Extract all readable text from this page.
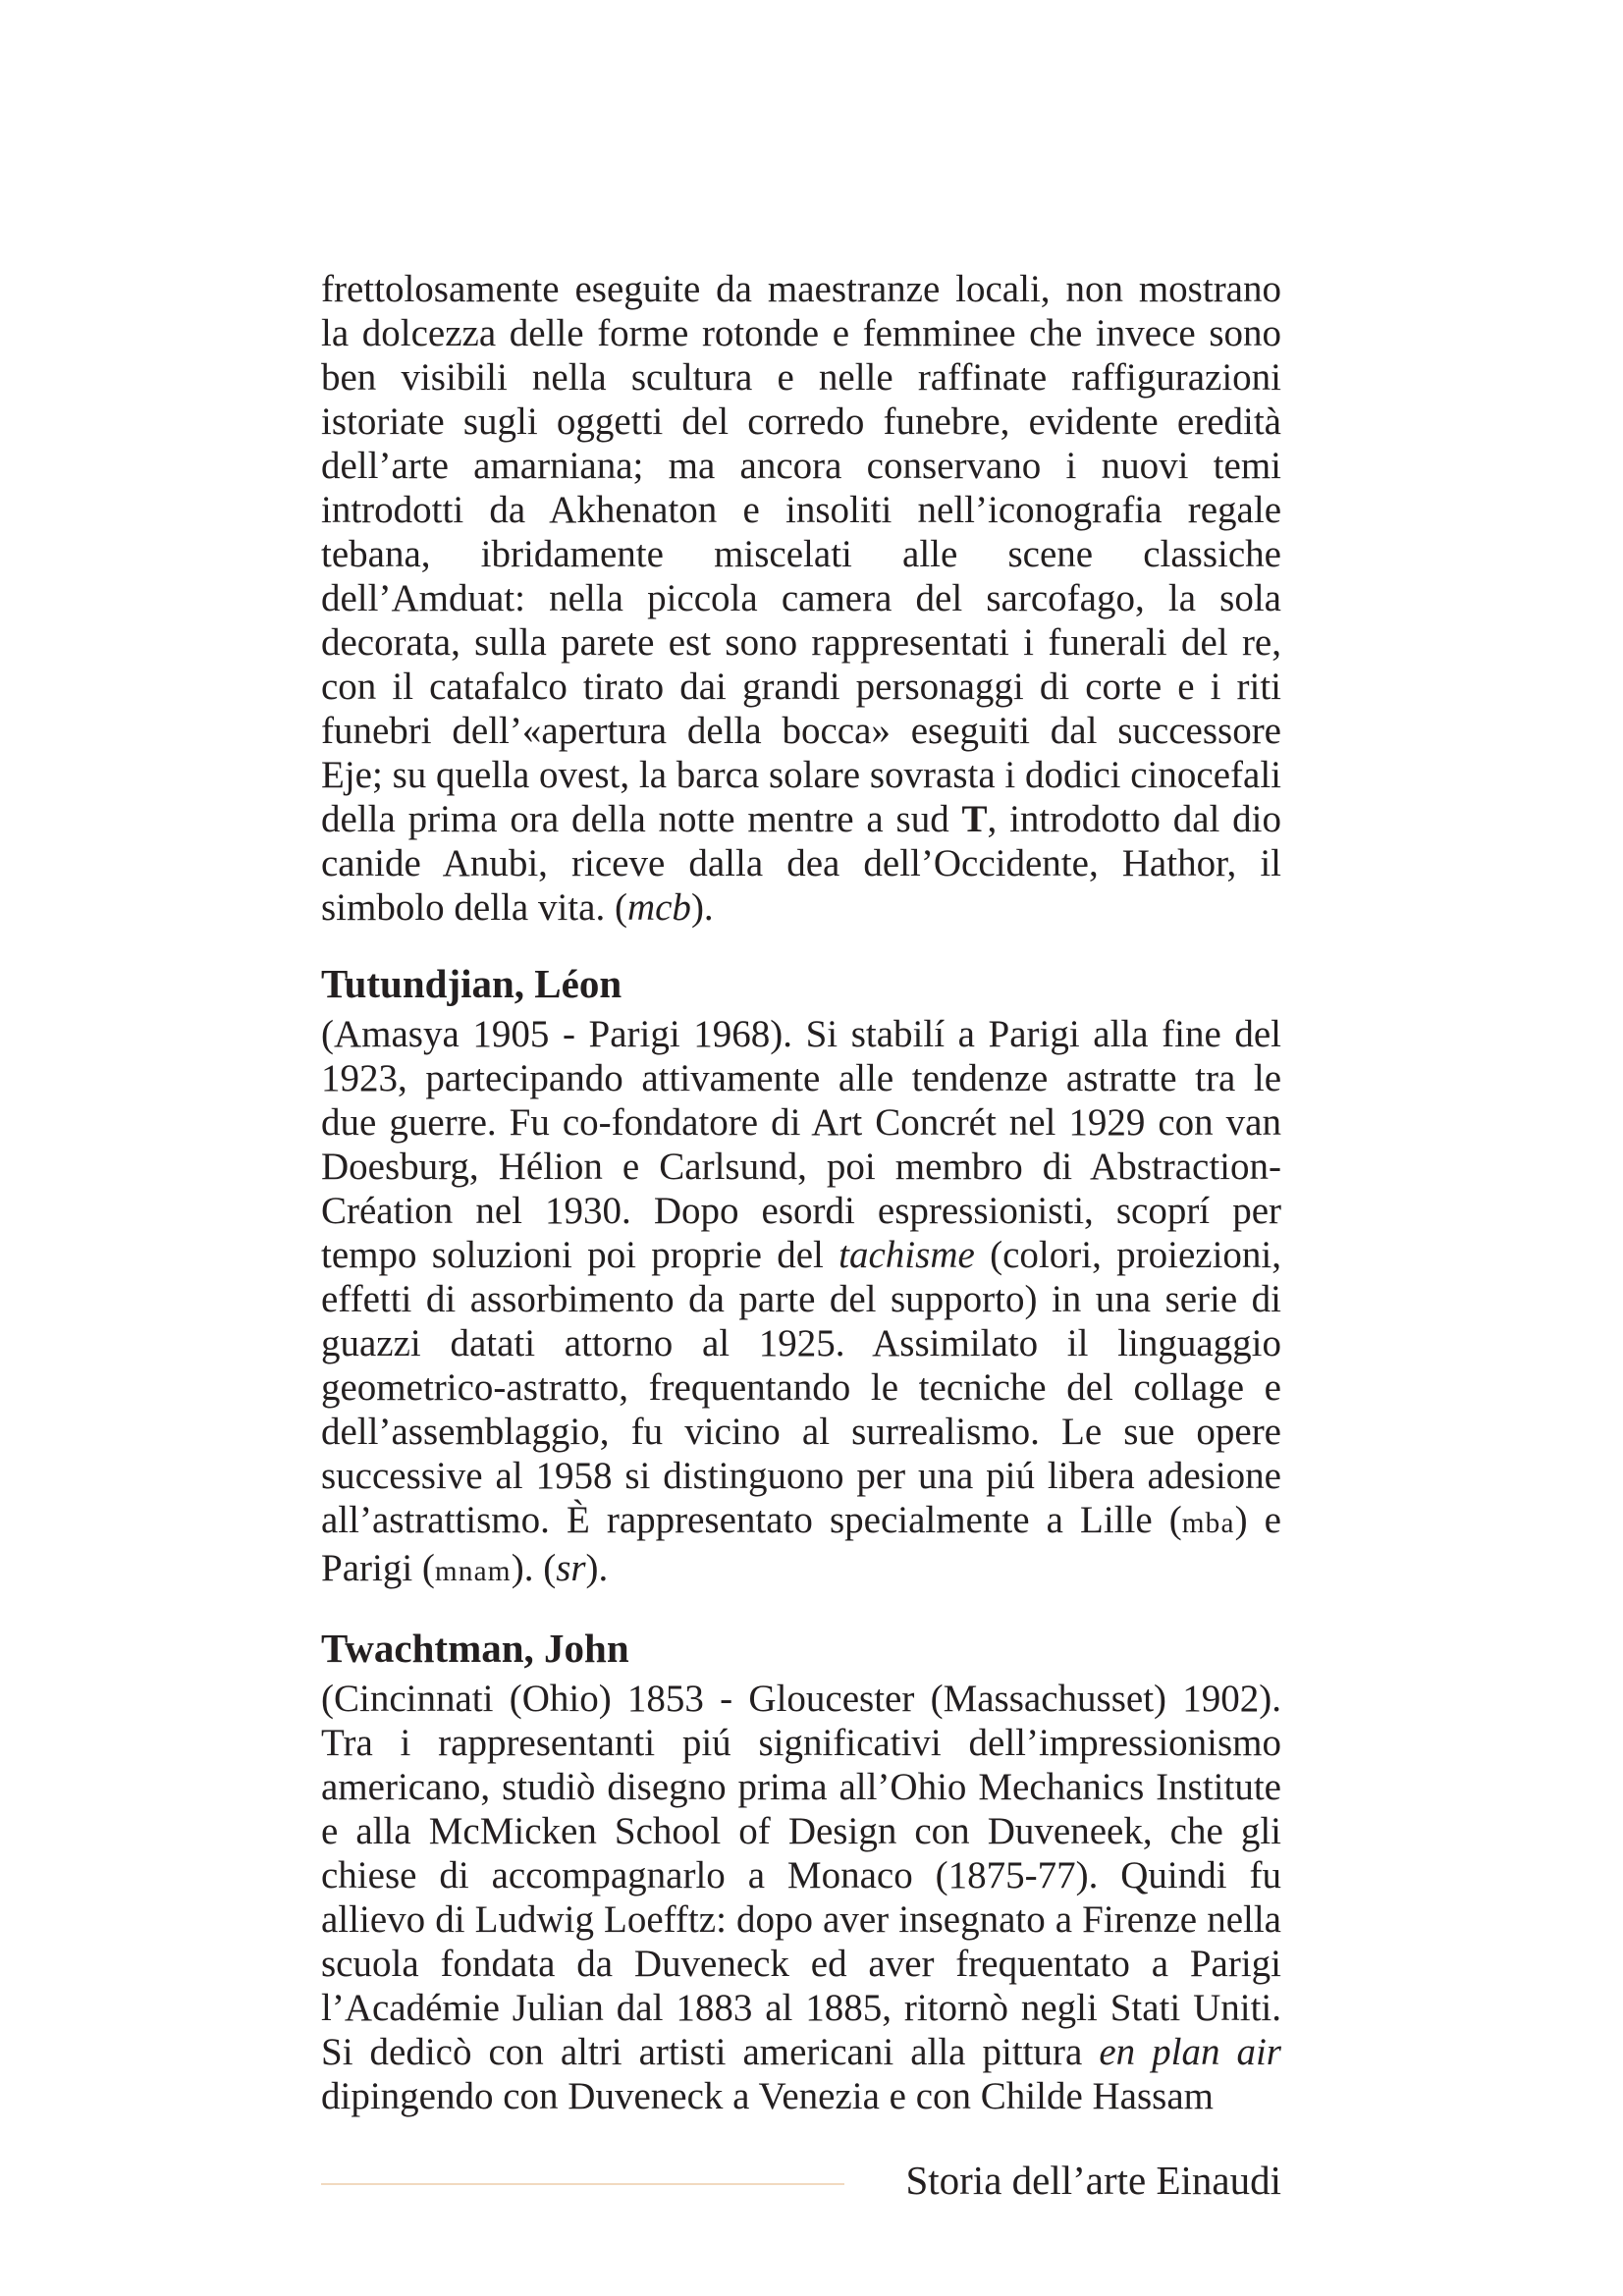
frettolosamente eseguite da maestranze locali, non mostrano la dolcezza delle forme rotonde e femminee che invece sono ben visibili nella scultura e nelle raffinate raffigurazioni istoriate sugli oggetti del corredo funebre, evidente eredità dell’arte amarniana; ma ancora conservano i nuovi temi introdotti da Akhenaton e insoliti nell’iconografia regale tebana, ibridamente miscelati alle scene classiche dell’Amduat: nella piccola camera del sarcofago, la sola decorata, sulla parete est sono rappresentati i funerali del re, con il catafalco tirato dai grandi personaggi di corte e i riti funebri dell’«apertura della bocca» eseguiti dal successore Eje; su quella ovest, la barca solare sovrasta i dodici cinocefali della prima ora della notte mentre a sud T, introdotto dal dio canide Anubi, riceve dalla dea dell’Occidente, Hathor, il simbolo della vita. (mcb).

Tutundjian, Léon

(Amasya 1905 - Parigi 1968). Si stabilí a Parigi alla fine del 1923, partecipando attivamente alle tendenze astratte tra le due guerre. Fu co-fondatore di Art Concrét nel 1929 con van Doesburg, Hélion e Carlsund, poi membro di Abstraction-Création nel 1930. Dopo esordi espressionisti, scoprí per tempo soluzioni poi proprie del tachisme (colori, proiezioni, effetti di assorbimento da parte del supporto) in una serie di guazzi datati attorno al 1925. Assimilato il linguaggio geometrico-astratto, frequentando le tecniche del collage e dell’assemblaggio, fu vicino al surrealismo. Le sue opere successive al 1958 si distinguono per una piú libera adesione all’astrattismo. È rappresentato specialmente a Lille (mba) e Parigi (mnam). (sr).

Twachtman, John

(Cincinnati (Ohio) 1853 - Gloucester (Massachusset) 1902). Tra i rappresentanti piú significativi dell’impressionismo americano, studiò disegno prima all’Ohio Mechanics Institute e alla McMicken School of Design con Duveneek, che gli chiese di accompagnarlo a Monaco (1875-77). Quindi fu allievo di Ludwig Loefftz: dopo aver insegnato a Firenze nella scuola fondata da Duveneck ed aver frequentato a Parigi l’Académie Julian dal 1883 al 1885, ritornò negli Stati Uniti. Si dedicò con altri artisti americani alla pittura en plan air dipingendo con Duveneck a Venezia e con Childe Hassam

Storia dell’arte Einaudi
